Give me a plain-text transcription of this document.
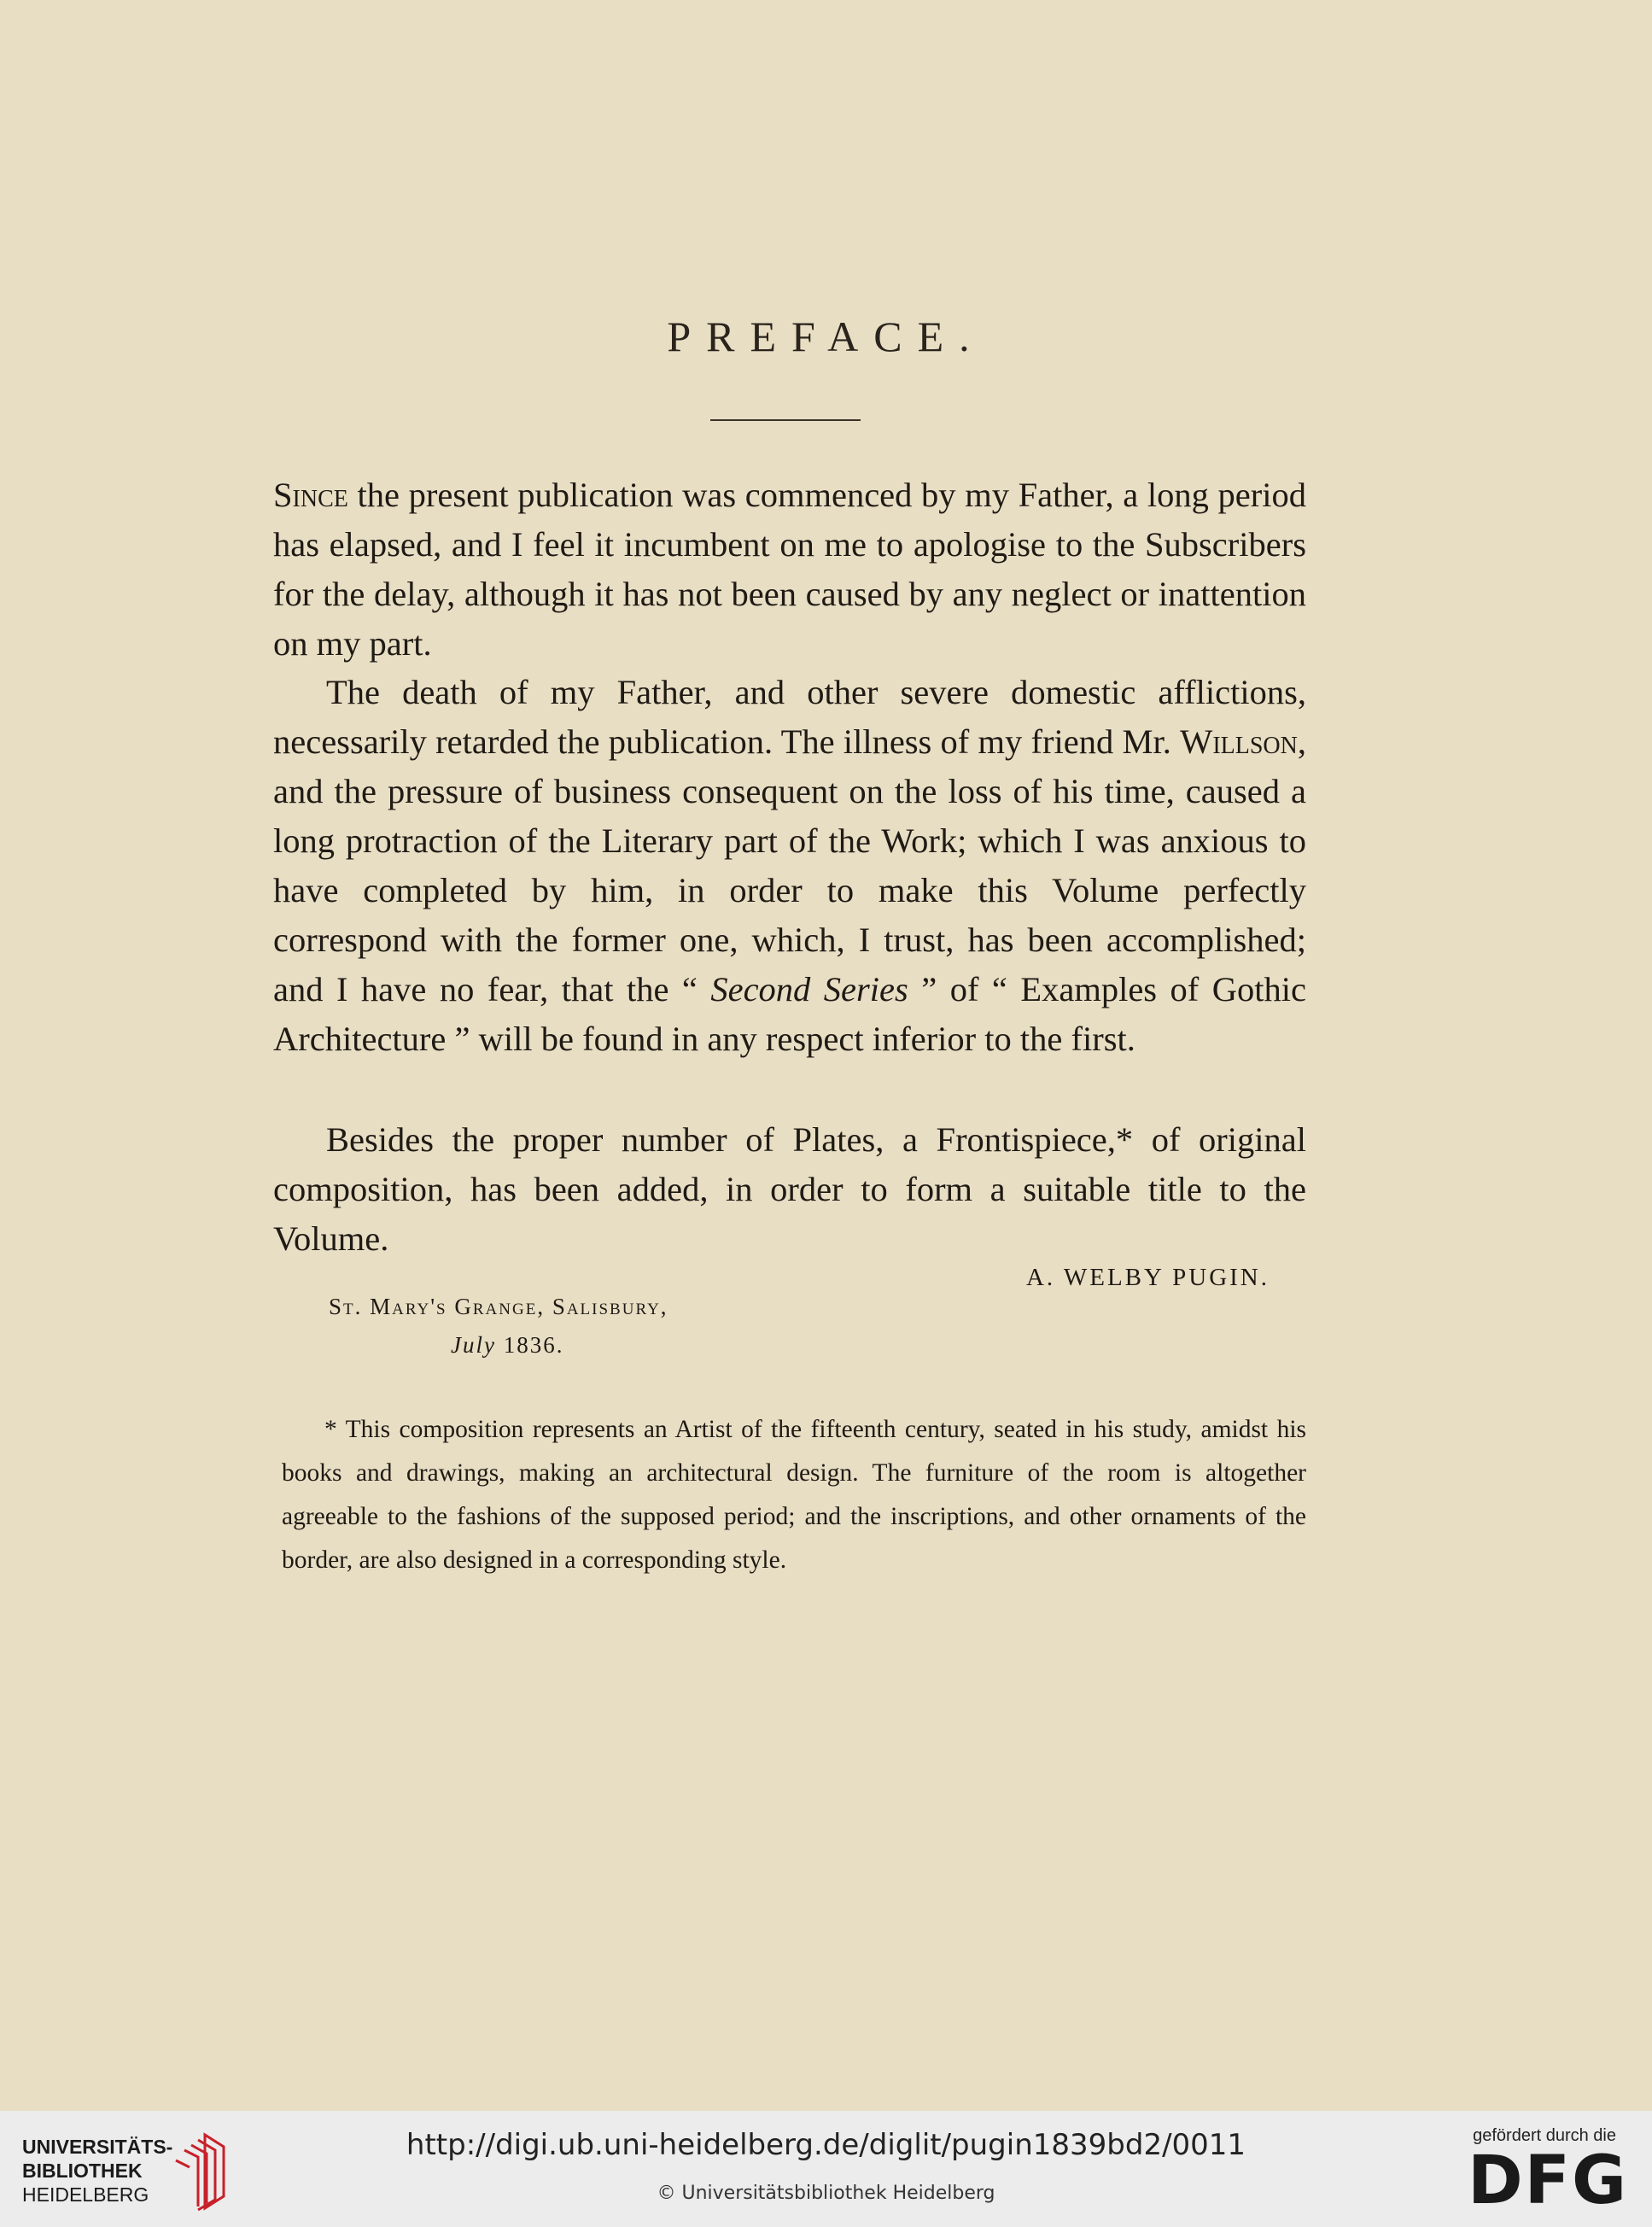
PREFACE.
Since the present publication was commenced by my Father, a long period has elapsed, and I feel it incumbent on me to apologise to the Subscribers for the delay, although it has not been caused by any neglect or inattention on my part.
The death of my Father, and other severe domestic afflictions, necessarily retarded the publication. The illness of my friend Mr. Willson, and the pressure of business consequent on the loss of his time, caused a long protraction of the Literary part of the Work; which I was anxious to have completed by him, in order to make this Volume perfectly correspond with the former one, which, I trust, has been accomplished; and I have no fear, that the “ Second Series ” of “ Examples of Gothic Architecture ” will be found in any respect inferior to the first.
Besides the proper number of Plates, a Frontispiece,* of original composition, has been added, in order to form a suitable title to the Volume.
A. WELBY PUGIN.
St. Mary's Grange, Salisbury,
July 1836.
* This composition represents an Artist of the fifteenth century, seated in his study, amidst his books and drawings, making an architectural design. The furniture of the room is altogether agreeable to the fashions of the supposed period; and the inscriptions, and other ornaments of the border, are also designed in a corresponding style.
UNIVERSITÄTS-
BIBLIOTHEK
HEIDELBERG
http://digi.ub.uni-heidelberg.de/diglit/pugin1839bd2/0011
© Universitätsbibliothek Heidelberg
gefördert durch die
DFG
